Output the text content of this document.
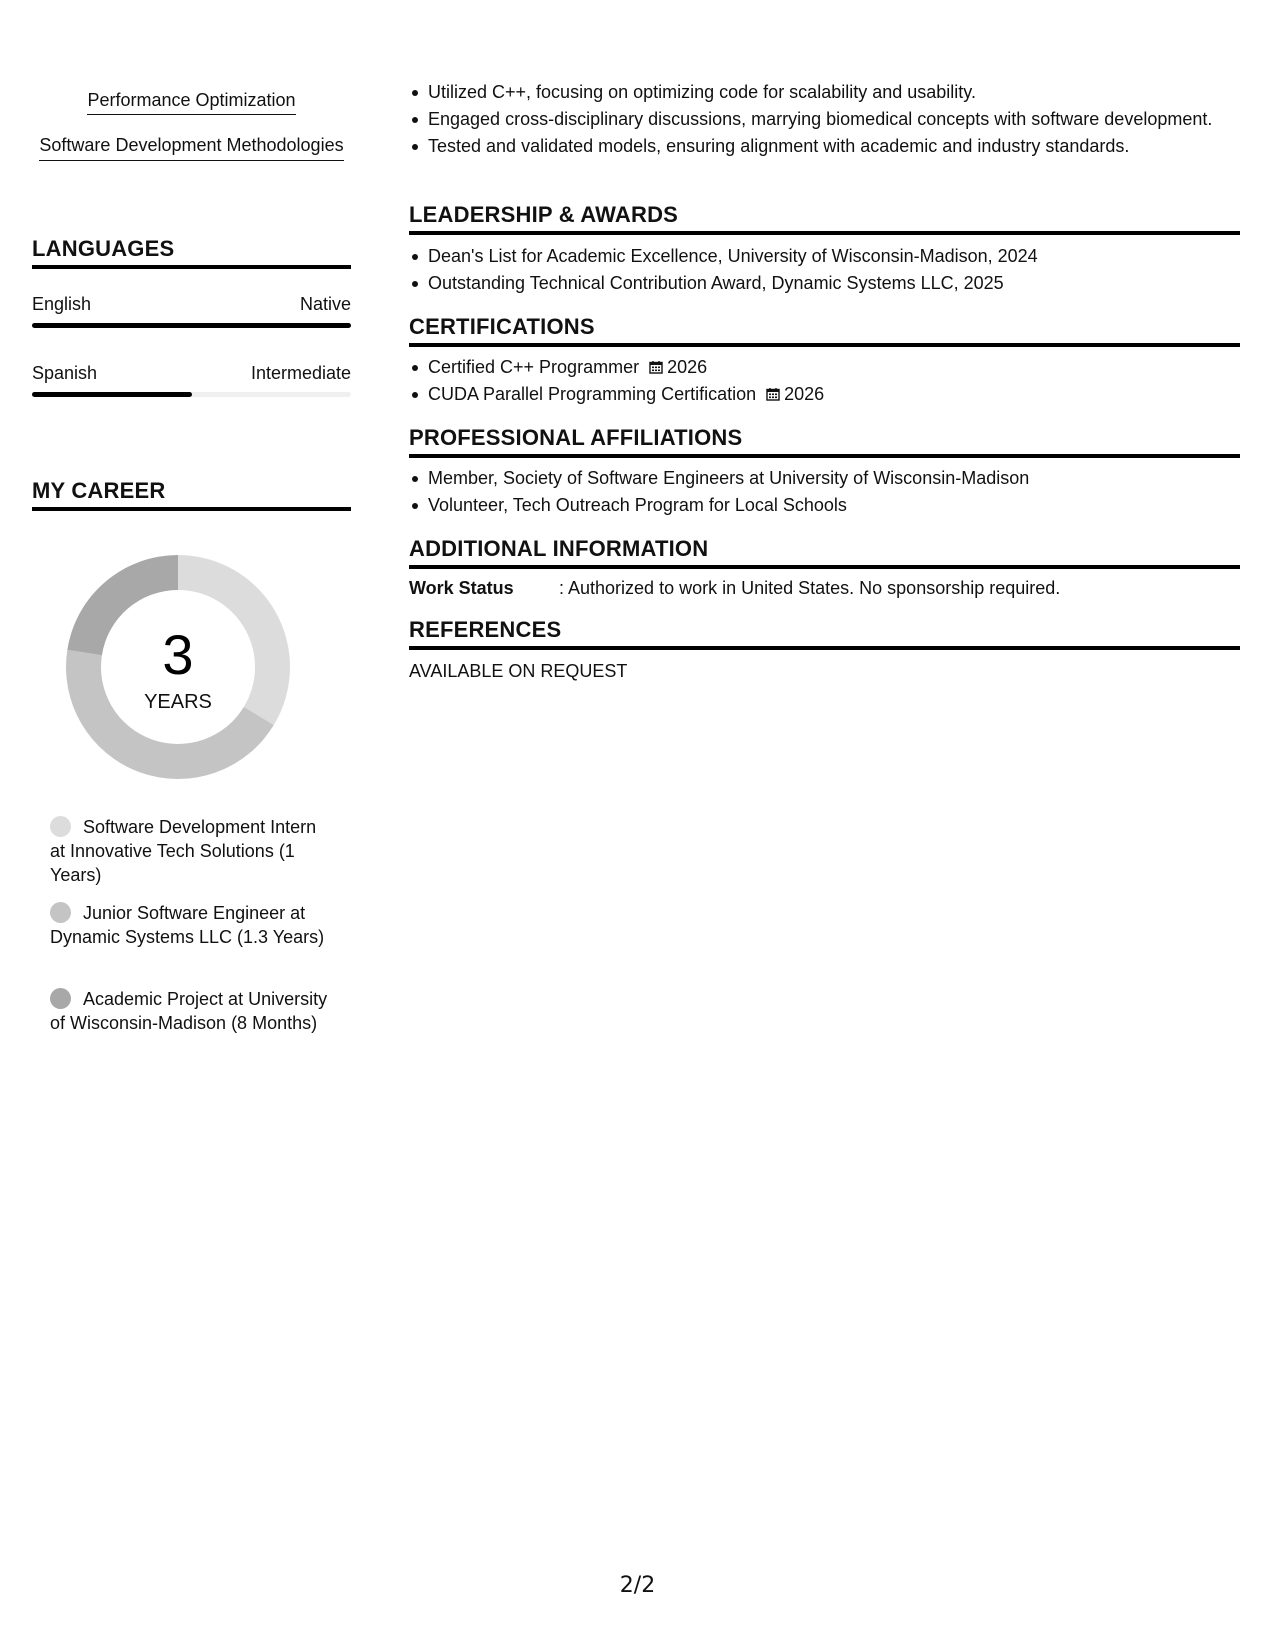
Performance Optimization
Software Development Methodologies
LANGUAGES
English	Native
Spanish	Intermediate
MY CAREER
3
YEARS
Software Development Intern at Innovative Tech Solutions (1 Years)
Junior Software Engineer at Dynamic Systems LLC (1.3 Years)
Academic Project at University of Wisconsin-Madison (8 Months)
Utilized C++, focusing on optimizing code for scalability and usability.
Engaged cross-disciplinary discussions, marrying biomedical concepts with software development.
Tested and validated models, ensuring alignment with academic and industry standards.
LEADERSHIP & AWARDS
Dean's List for Academic Excellence, University of Wisconsin-Madison, 2024
Outstanding Technical Contribution Award, Dynamic Systems LLC, 2025
CERTIFICATIONS
Certified C++ Programmer 2026
CUDA Parallel Programming Certification 2026
PROFESSIONAL AFFILIATIONS
Member, Society of Software Engineers at University of Wisconsin-Madison
Volunteer, Tech Outreach Program for Local Schools
ADDITIONAL INFORMATION
Work Status	: Authorized to work in United States. No sponsorship required.
REFERENCES
AVAILABLE ON REQUEST
2/2
